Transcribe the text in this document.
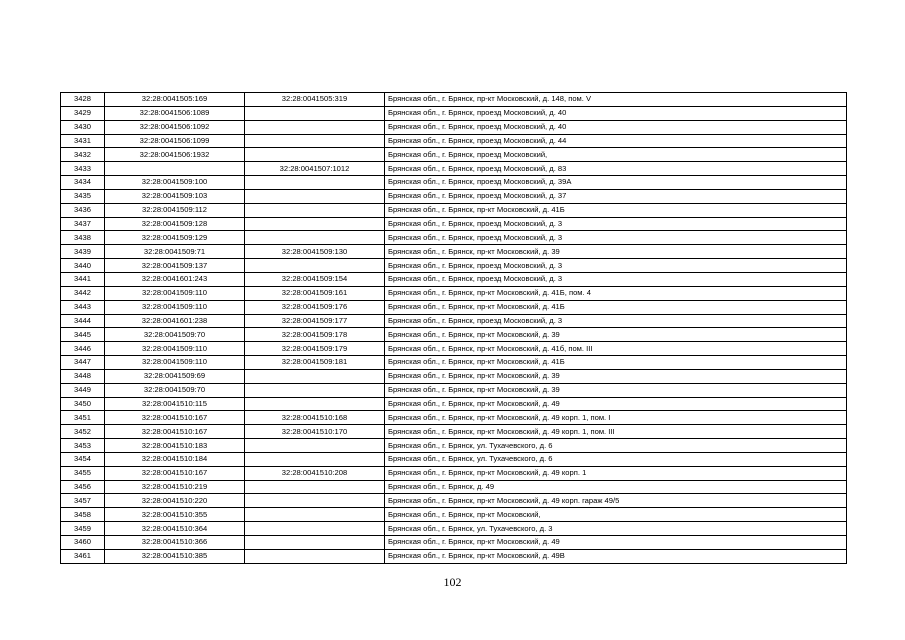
3428	32:28:0041505:169	32:28:0041505:319	Брянская обл., г. Брянск, пр-кт Московский, д. 148, пом. V
3429	32:28:0041506:1089		Брянская обл., г. Брянск, проезд Московский, д. 40
3430	32:28:0041506:1092		Брянская обл., г. Брянск, проезд Московский, д. 40
3431	32:28:0041506:1099		Брянская обл., г. Брянск, проезд Московский, д. 44
3432	32:28:0041506:1932		Брянская обл., г. Брянск, проезд Московский,
3433		32:28:0041507:1012	Брянская обл., г. Брянск, проезд Московский, д. 83
3434	32:28:0041509:100		Брянская обл., г. Брянск, проезд Московский, д. 39А
3435	32:28:0041509:103		Брянская обл., г. Брянск, проезд Московский, д. 37
3436	32:28:0041509:112		Брянская обл., г. Брянск, пр-кт Московский, д. 41Б
3437	32:28:0041509:128		Брянская обл., г. Брянск, проезд Московский, д. 3
3438	32:28:0041509:129		Брянская обл., г. Брянск, проезд Московский, д. 3
3439	32:28:0041509:71	32:28:0041509:130	Брянская обл., г. Брянск, пр-кт Московский, д. 39
3440	32:28:0041509:137		Брянская обл., г. Брянск, проезд Московский, д. 3
3441	32:28:0041601:243	32:28:0041509:154	Брянская обл., г. Брянск, проезд Московский, д. 3
3442	32:28:0041509:110	32:28:0041509:161	Брянская обл., г. Брянск, пр-кт Московский, д. 41Б, пом. 4
3443	32:28:0041509:110	32:28:0041509:176	Брянская обл., г. Брянск, пр-кт Московский, д. 41Б
3444	32:28:0041601:238	32:28:0041509:177	Брянская обл., г. Брянск, проезд Московский, д. 3
3445	32:28:0041509:70	32:28:0041509:178	Брянская обл., г. Брянск, пр-кт Московский, д. 39
3446	32:28:0041509:110	32:28:0041509:179	Брянская обл., г. Брянск, пр-кт Московский, д. 41б, пом. III
3447	32:28:0041509:110	32:28:0041509:181	Брянская обл., г. Брянск, пр-кт Московский, д. 41Б
3448	32:28:0041509:69		Брянская обл., г. Брянск, пр-кт Московский, д. 39
3449	32:28:0041509:70		Брянская обл., г. Брянск, пр-кт Московский, д. 39
3450	32:28:0041510:115		Брянская обл., г. Брянск, пр-кт Московский, д. 49
3451	32:28:0041510:167	32:28:0041510:168	Брянская обл., г. Брянск, пр-кт Московский, д. 49 корп. 1, пом. I
3452	32:28:0041510:167	32:28:0041510:170	Брянская обл., г. Брянск, пр-кт Московский, д. 49 корп. 1, пом. III
3453	32:28:0041510:183		Брянская обл., г. Брянск, ул. Тухачевского, д. 6
3454	32:28:0041510:184		Брянская обл., г. Брянск, ул. Тухачевского, д. 6
3455	32:28:0041510:167	32:28:0041510:208	Брянская обл., г. Брянск, пр-кт Московский, д. 49 корп. 1
3456	32:28:0041510:219		Брянская обл., г. Брянск, д. 49
3457	32:28:0041510:220		Брянская обл., г. Брянск, пр-кт Московский, д. 49 корп. гараж 49/5
3458	32:28:0041510:355		Брянская обл., г. Брянск, пр-кт Московский,
3459	32:28:0041510:364		Брянская обл., г. Брянск, ул. Тухачевского, д. 3
3460	32:28:0041510:366		Брянская обл., г. Брянск, пр-кт Московский, д. 49
3461	32:28:0041510:385		Брянская обл., г. Брянск, пр-кт Московский, д. 49В
102
